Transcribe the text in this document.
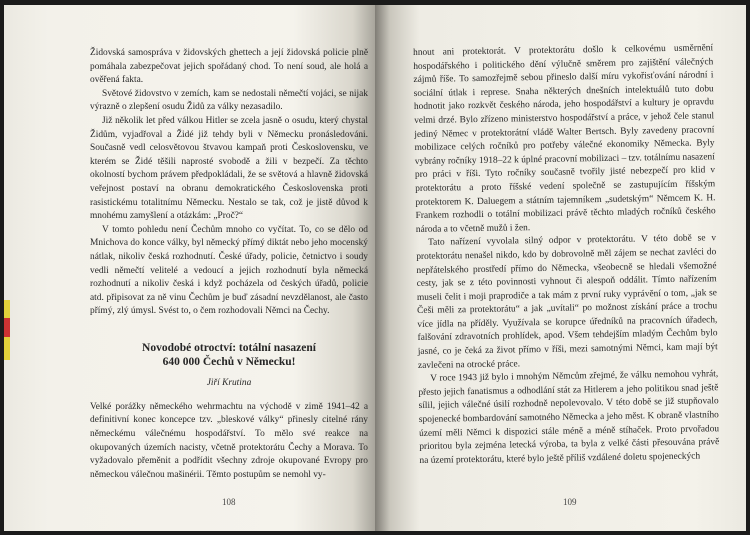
Židovská samospráva v židovských ghettech a její židovská policie plně pomáhala zabezpečovat jejich spořádaný chod. To není soud, ale holá a ověřená fakta.

Světové židovstvo v zemích, kam se nedostali němečtí vojáci, se nijak výrazně o zlepšení osudu Židů za války nezasadilo.

Již několik let před válkou Hitler se zcela jasně o osudu, který chystal Židům, vyjadřoval a Židé již tehdy byli v Německu pronásledováni. Současně vedl celosvětovou štvavou kampaň proti Československu, ve kterém se Židé těšili naprosté svobodě a žili v bezpečí. Za těchto okolností bychom právem předpokládali, že se světová a hlavně židovská veřejnost postaví na obranu demokratického Československa proti rasistickému totalitnímu Německu. Nestalo se tak, což je jistě důvod k mnohému zamyšlení a otázkám: „Proč?“

V tomto pohledu není Čechům mnoho co vyčítat. To, co se dělo od Mnichova do konce války, byl německý přímý diktát nebo jeho mocenský nátlak, nikoliv česká rozhodnutí. České úřady, policie, četnictvo i soudy vedli němečtí velitelé a vedoucí a jejich rozhodnutí byla německá rozhodnutí a nikoliv česká i když pocházela od českých úřadů, policie atd. připisovat za ně vinu Čechům je buď zásadní nevzdělanost, ale často přímý, zlý úmysl. Svést to, o čem rozhodovali Němci na Čechy.

Novodobé otroctví: totální nasazení
640 000 Čechů v Německu!
Jiří Krutina

Velké porážky německého wehrmachtu na východě v zimě 1941–42 a definitivní konec koncepce tzv. „bleskové války“ přinesly citelné rány německému válečnému hospodářství. To mělo své reakce na okupovaných územích nacisty, včetně protektorátu Čechy a Morava. To vyžadovalo přeměnit a podřídit všechny zdroje okupované Evropy pro německou válečnou mašinérii. Těmto postupům se nemohl vy-

108

hnout ani protektorát. V protektorátu došlo k celkovému usměrnění hospodářského i politického dění výlučně směrem pro zajištění válečných zájmů říše. To samozřejmě sebou přineslo další míru vykořisťování národní i sociální útlak i represe. Snaha některých dnešních intelektuálů tuto dobu hodnotit jako rozkvět českého národa, jeho hospodářství a kultury je opravdu velmi drzé. Bylo zřízeno ministerstvo hospodářství a práce, v jehož čele stanul jediný Němec v protektorátní vládě Walter Bertsch. Byly zavedeny pracovní mobilizace celých ročníků pro potřeby válečné ekonomiky Německa. Byly vybrány ročníky 1918–22 k úplné pracovní mobilizaci – tzv. totálnímu nasazení pro práci v říši. Tyto ročníky současně tvořily jisté nebezpečí pro klid v protektorátu a proto říšské vedení společně se zastupujícím říšským protektorem K. Daluegem a státním tajemníkem „sudetským“ Němcem K. H. Frankem rozhodli o totální mobilizaci právě těchto mladých ročníků českého národa a to včetně mužů i žen.

Tato nařízení vyvolala silný odpor v protektorátu. V této době se v protektorátu nenašel nikdo, kdo by dobrovolně měl zájem se nechat zavléci do nepřátelského prostředí přímo do Německa, všeobecně se hledali všemožné cesty, jak se z této povinnosti vyhnout či alespoň oddálit. Tímto nařízením museli čelit i moji praprodiče a tak mám z první ruky vyprávění o tom, „jak se Češi měli za protektorátu“ a jak „uvítali“ po možnost získání práce a trochu více jídla na příděly. Využívala se korupce úředníků na pracovních úřadech, falšování zdravotních prohlídek, apod. Všem tehdejším mladým Čechům bylo jasné, co je čeká za život přímo v říši, mezi samotnými Němci, kam mají být zavlečeni na otrocké práce.

V roce 1943 již bylo i mnohým Němcům zřejmé, že válku nemohou vyhrát, přesto jejich fanatismus a odhodlání stát za Hitlerem a jeho politikou snad ještě sílil, jejich válečné úsilí rozhodně nepolevovalo. V této době se již stupňovalo spojenecké bombardování samotného Německa a jeho měst. K obraně vlastního území měli Němci k dispozici stále méně a méně stíhaček. Proto prvořadou prioritou byla zejména letecká výroba, ta byla z velké části přesouvána právě na území protektorátu, které bylo ještě příliš vzdálené doletu spojeneckých

109
